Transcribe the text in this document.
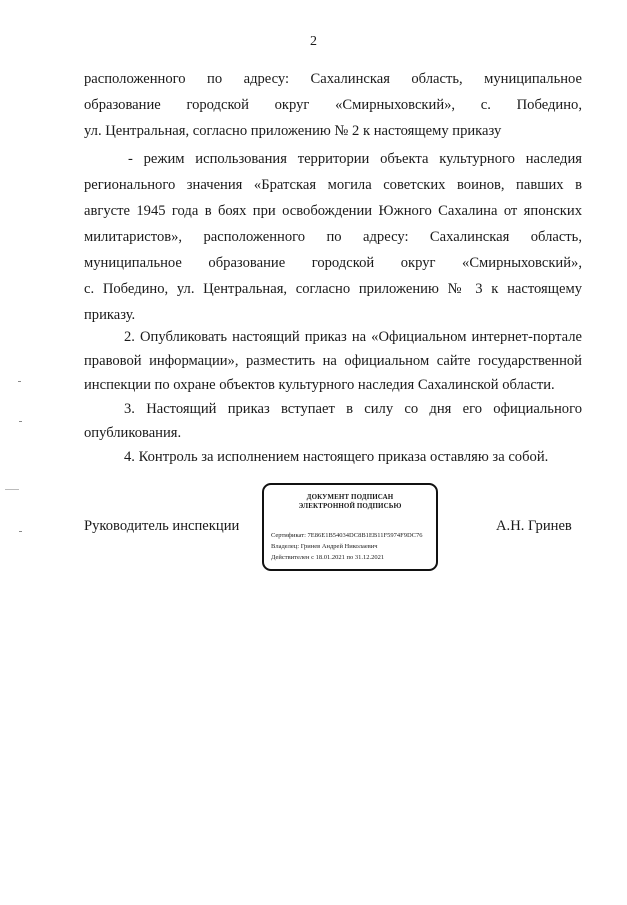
2
расположенного по адресу: Сахалинская область, муниципальное
образование городской округ «Смирныховский», с. Победино,
ул. Центральная, согласно приложению № 2 к настоящему приказу
- режим использования территории объекта культурного наследия
регионального значения «Братская могила советских воинов, павших в
августе 1945 года в боях при освобождении Южного Сахалина от японских
милитаристов», расположенного по адресу: Сахалинская область,
муниципальное образование городской округ «Смирныховский»,
с. Победино, ул. Центральная, согласно приложению № 3 к настоящему
приказу.
2. Опубликовать настоящий приказ на «Официальном интернет-портале
правовой информации», разместить на официальном сайте государственной
инспекции по охране объектов культурного наследия Сахалинской области.
3. Настоящий приказ вступает в силу со дня его официального
опубликования.
4. Контроль за исполнением настоящего приказа оставляю за собой.
Руководитель инспекции
ДОКУМЕНТ ПОДПИСАН
ЭЛЕКТРОННОЙ ПОДПИСЬЮ
Сертификат: 7E86E1B54034DC8B1EB11F5974F9DC76
Владелец: Гринев Андрей Николаевич
Действителен с 18.01.2021 по 31.12.2021
А.Н. Гринев
